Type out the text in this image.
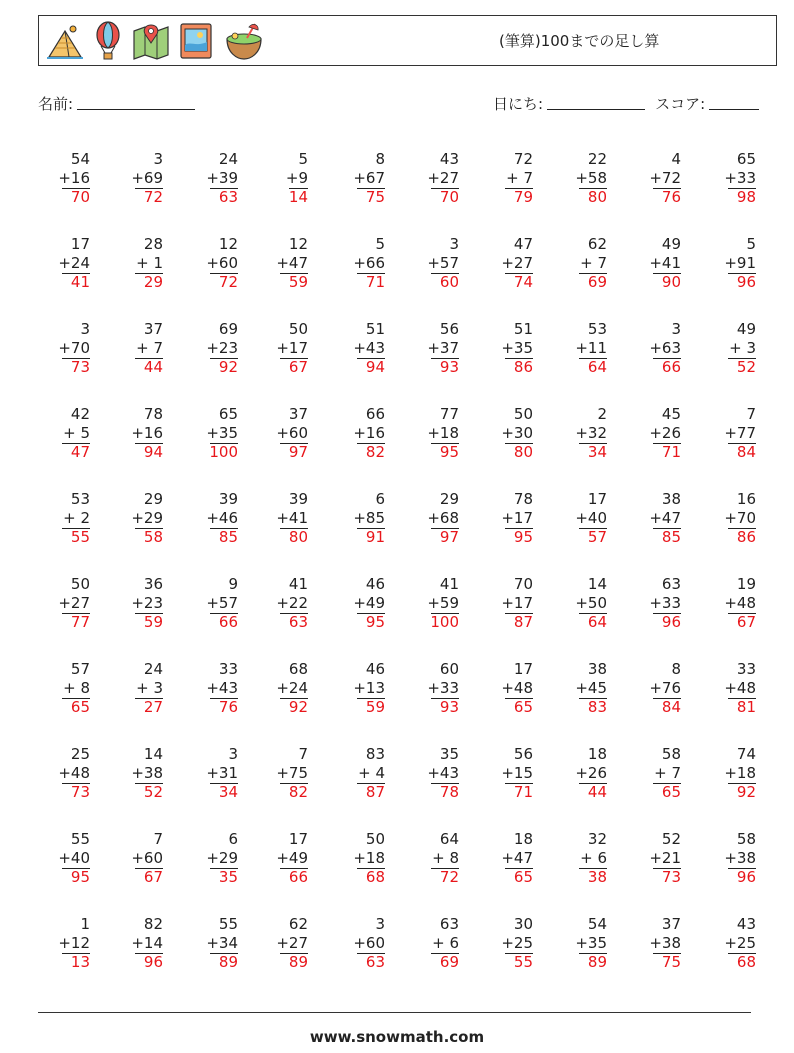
(筆算)100までの足し算
名前:	日にち:	スコア:
54
+16
70
3
+69
72
24
+39
63
5
+9
14
8
+67
75
43
+27
70
72
+ 7
79
22
+58
80
4
+72
76
65
+33
98
17
+24
41
28
+ 1
29
12
+60
72
12
+47
59
5
+66
71
3
+57
60
47
+27
74
62
+ 7
69
49
+41
90
5
+91
96
3
+70
73
37
+ 7
44
69
+23
92
50
+17
67
51
+43
94
56
+37
93
51
+35
86
53
+11
64
3
+63
66
49
+ 3
52
42
+ 5
47
78
+16
94
65
+35
100
37
+60
97
66
+16
82
77
+18
95
50
+30
80
2
+32
34
45
+26
71
7
+77
84
53
+ 2
55
29
+29
58
39
+46
85
39
+41
80
6
+85
91
29
+68
97
78
+17
95
17
+40
57
38
+47
85
16
+70
86
50
+27
77
36
+23
59
9
+57
66
41
+22
63
46
+49
95
41
+59
100
70
+17
87
14
+50
64
63
+33
96
19
+48
67
57
+ 8
65
24
+ 3
27
33
+43
76
68
+24
92
46
+13
59
60
+33
93
17
+48
65
38
+45
83
8
+76
84
33
+48
81
25
+48
73
14
+38
52
3
+31
34
7
+75
82
83
+ 4
87
35
+43
78
56
+15
71
18
+26
44
58
+ 7
65
74
+18
92
55
+40
95
7
+60
67
6
+29
35
17
+49
66
50
+18
68
64
+ 8
72
18
+47
65
32
+ 6
38
52
+21
73
58
+38
96
1
+12
13
82
+14
96
55
+34
89
62
+27
89
3
+60
63
63
+ 6
69
30
+25
55
54
+35
89
37
+38
75
43
+25
68
www.snowmath.com
